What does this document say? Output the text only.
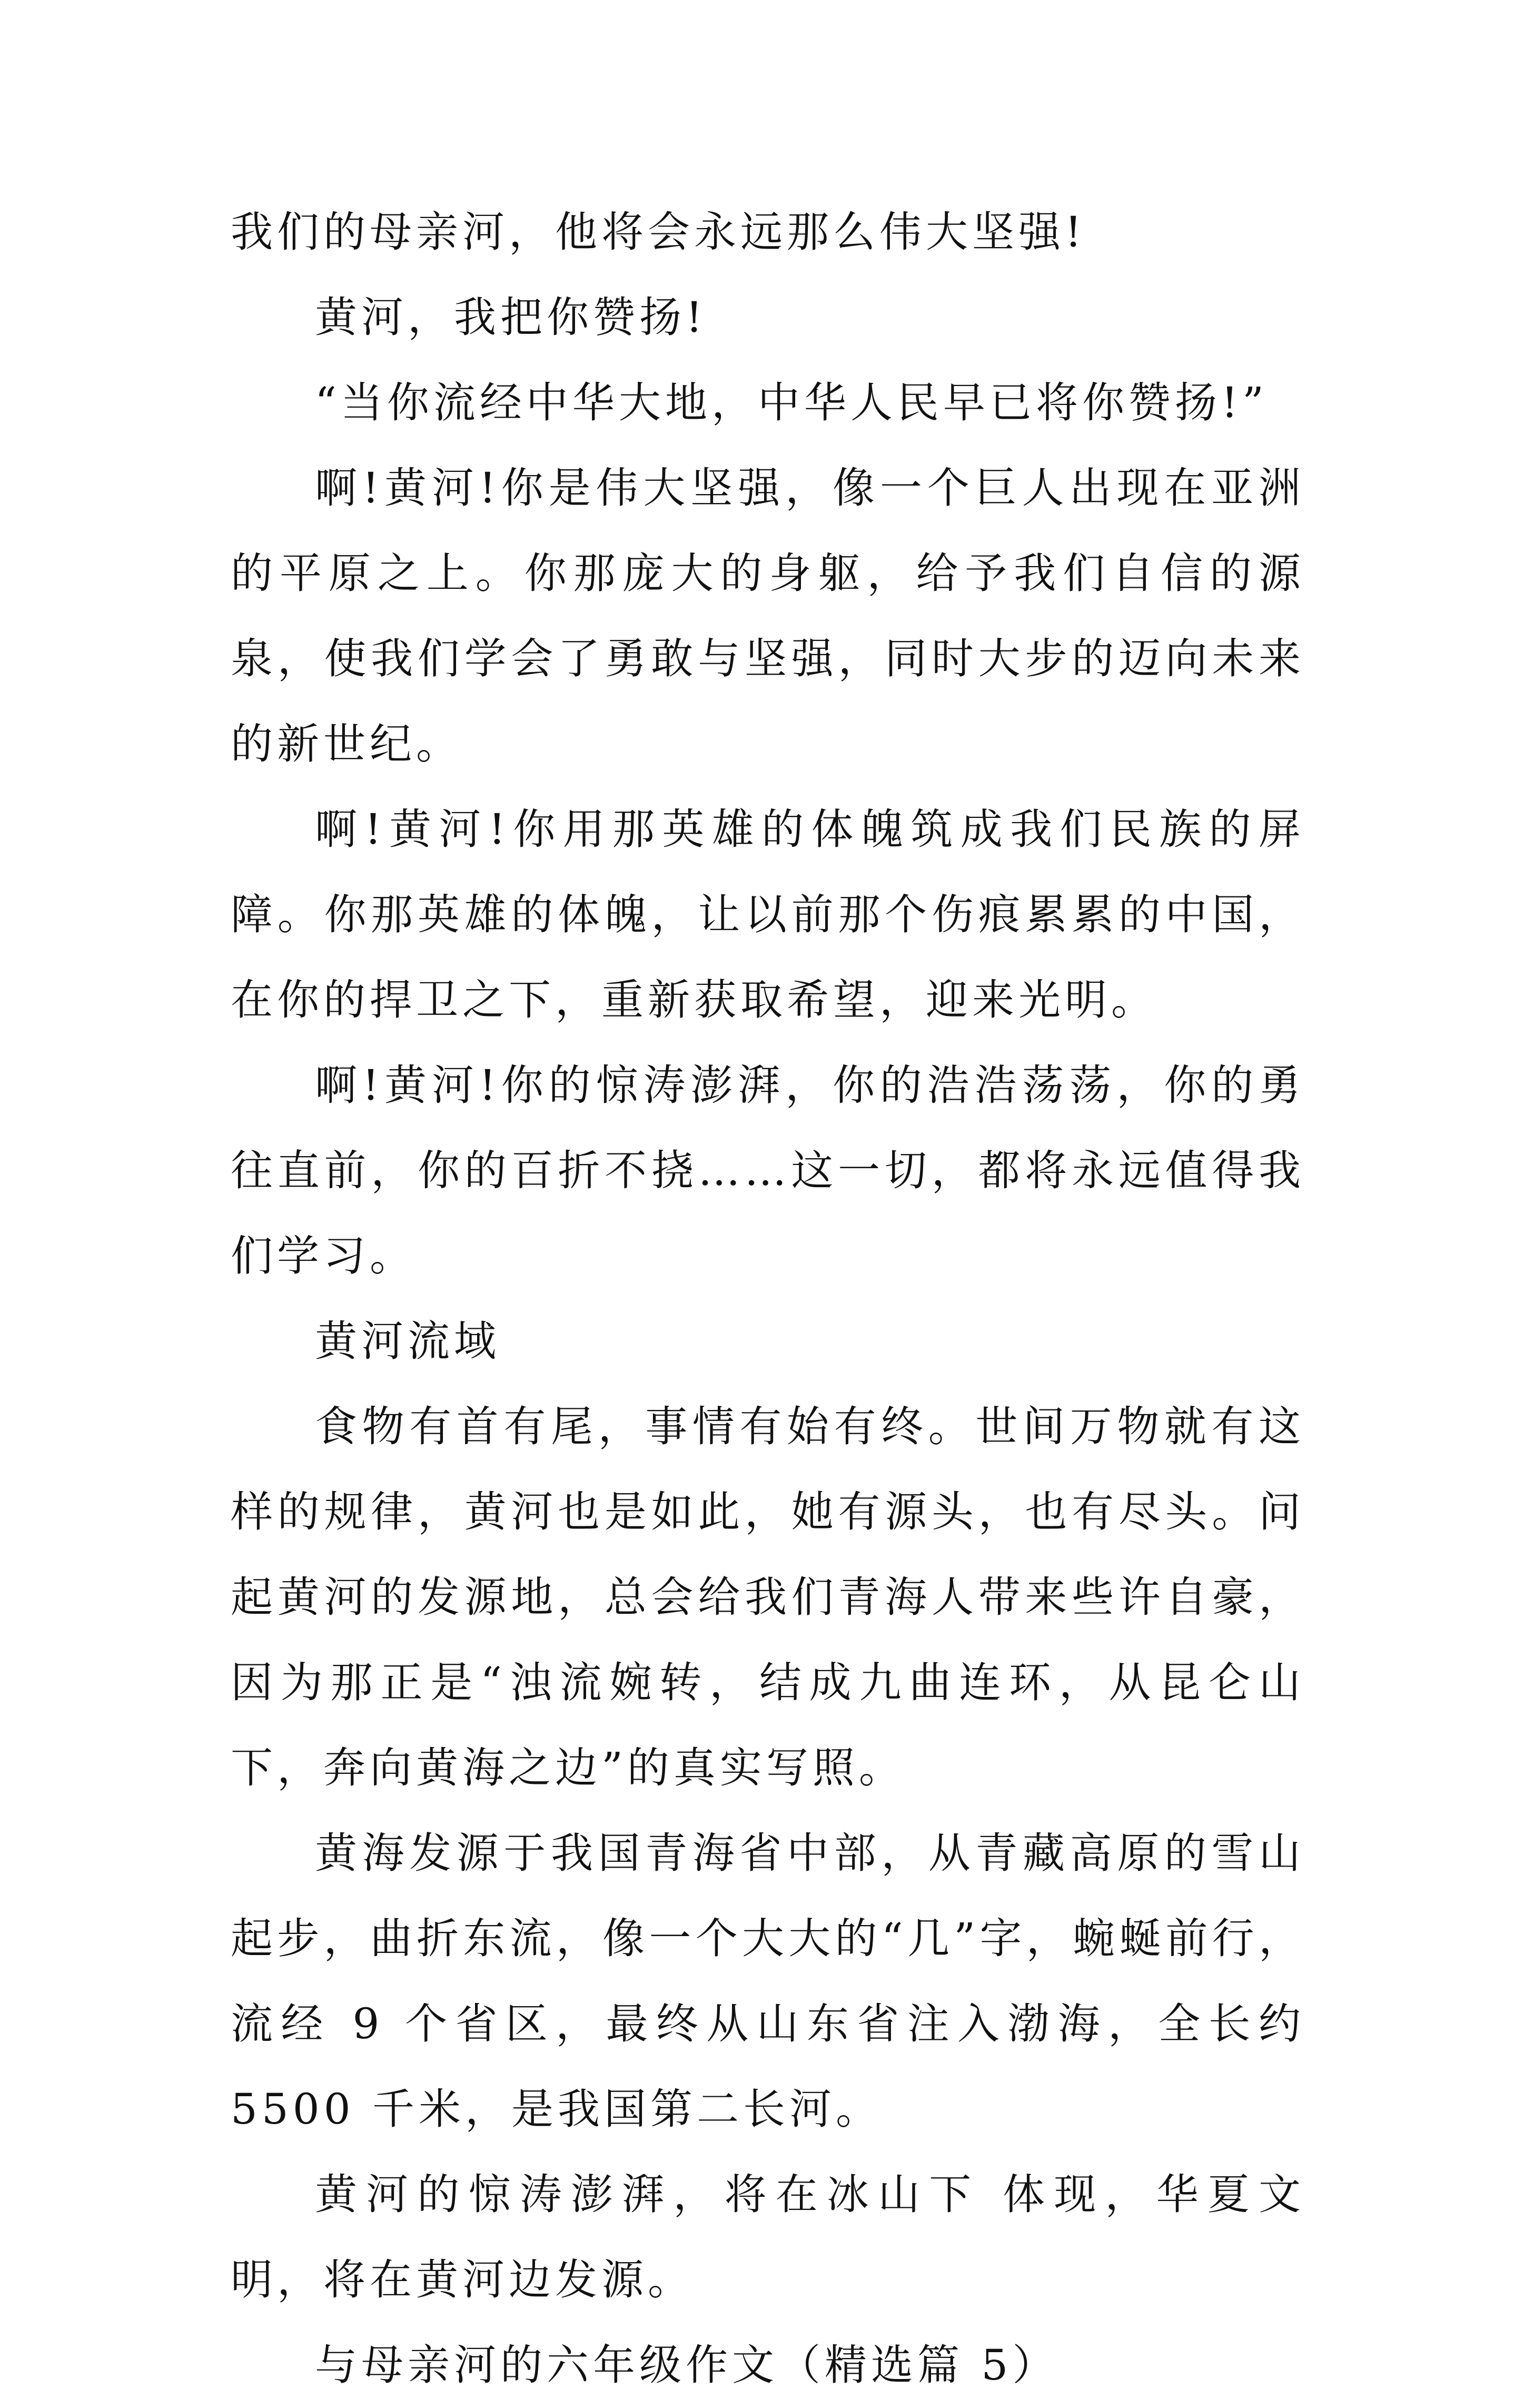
我们的母亲河，他将会永远那么伟大坚强!

黄河，我把你赞扬!

“当你流经中华大地，中华人民早已将你赞扬!”

啊!黄河!你是伟大坚强，像一个巨人出现在亚洲的平原之上。你那庞大的身躯，给予我们自信的源泉，使我们学会了勇敢与坚强，同时大步的迈向未来的新世纪。

啊!黄河!你用那英雄的体魄筑成我们民族的屏障。你那英雄的体魄，让以前那个伤痕累累的中国，在你的捍卫之下，重新获取希望，迎来光明。

啊!黄河!你的惊涛澎湃，你的浩浩荡荡，你的勇往直前，你的百折不挠……这一切，都将永远值得我们学习。

黄河流域

食物有首有尾，事情有始有终。世间万物就有这样的规律，黄河也是如此，她有源头，也有尽头。问起黄河的发源地，总会给我们青海人带来些许自豪，因为那正是“浊流婉转，结成九曲连环，从昆仑山下，奔向黄海之边”的真实写照。

黄海发源于我国青海省中部，从青藏高原的雪山起步，曲折东流，像一个大大的“几”字，蜿蜒前行，流经 9 个省区，最终从山东省注入渤海，全长约 5500 千米，是我国第二长河。

黄河的惊涛澎湃，将在冰山下 体现，华夏文明，将在黄河边发源。

与母亲河的六年级作文（精选篇 5）
